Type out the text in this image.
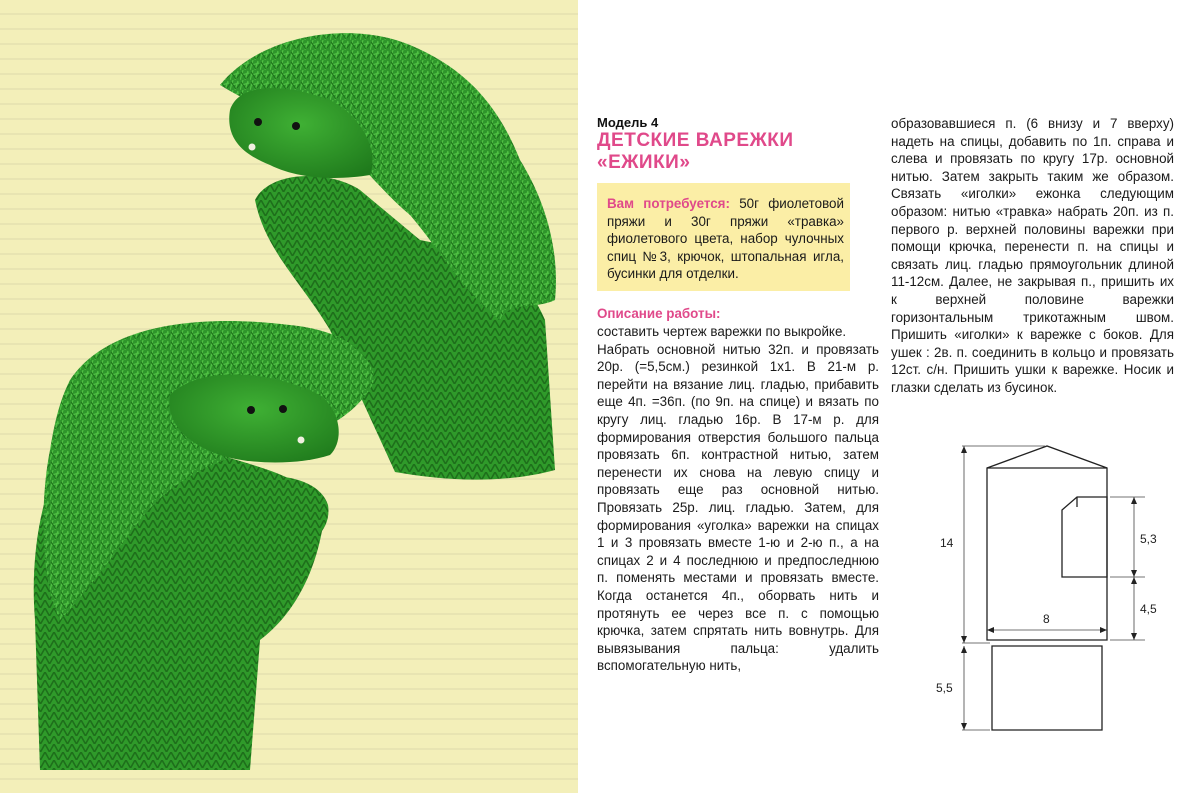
Модель 4
ДЕТСКИЕ ВАРЕЖКИ
«ЕЖИКИ»
Вам потребуется: 50г фиолетовой пряжи и 30г пряжи «травка» фиолетового цвета, набор чулочных спиц №3, крючок, штопальная игла, бусинки для отделки.
Описание работы:

составить чертеж варежки по выкройке.
Набрать основной нитью 32п. и провязать 20р. (=5,5см.) резинкой 1х1. В 21-м р. перейти на вязание лиц. гладью, прибавить еще 4п. =36п. (по 9п. на спице) и вязать по кругу лиц. гладью 16р. В 17-м р. для формирования отверстия большого пальца провязать 6п. контрастной нитью, затем перенести их снова на левую спицу и провязать еще раз основной нитью. Провязать 25р. лиц. гладью. Затем, для формирования «уголка» варежки на спицах 1 и 3 провязать вместе 1-ю и 2-ю п., а на спицах 2 и 4 последнюю и предпоследнюю п. поменять местами и провязать вместе. Когда останется 4п., оборвать нить и протянуть ее через все п. с помощью крючка, затем спрятать нить вовнутрь. Для вывязывания пальца: удалить вспомогательную нить,

образовавшиеся п. (6 внизу и 7 вверху) надеть на спицы, добавить по 1п. справа и слева и провязать по кругу 17р. основной нитью. Затем закрыть таким же образом. Связать «иголки» ежонка следующим образом: нитью «травка» набрать 20п. из п. первого р. верхней половины варежки при помощи крючка, перенести п. на спицы и связать лиц. гладью прямоугольник длиной 11-12см. Далее, не закрывая п., пришить их к верхней половине варежки горизонтальным трикотажным швом. Пришить «иголки» к варежке с боков. Для ушек : 2в. п. соединить в кольцо и провязать 12ст. с/н. Пришить ушки к варежке. Носик и глазки сделать из бусинок.

14
8
5,3
4,5
5,5
